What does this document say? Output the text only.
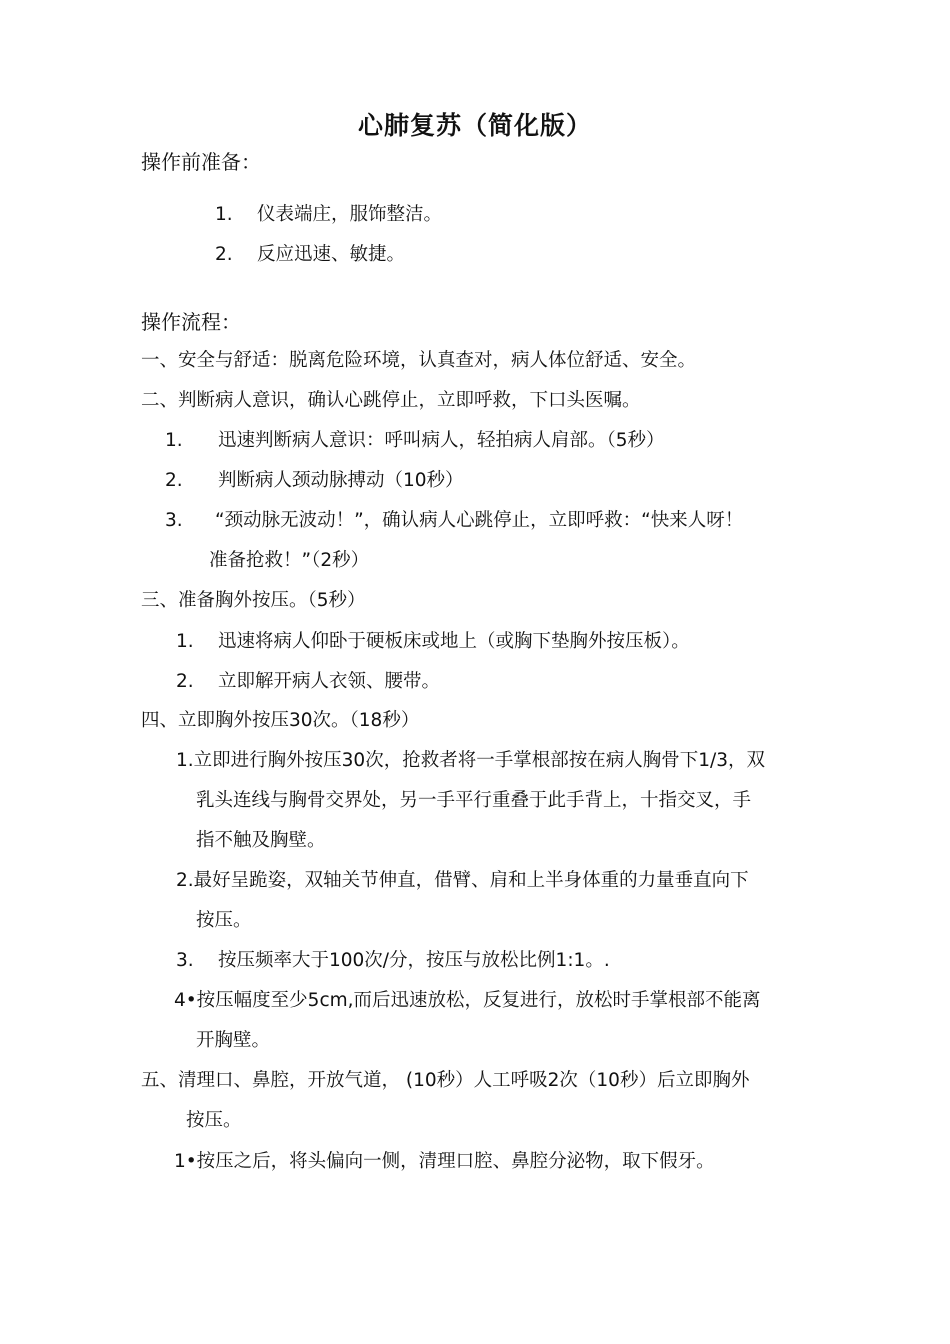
心肺复苏（简化版）
操作前准备：
1. 仪表端庄，服饰整洁。
2. 反应迅速、敏捷。
操作流程：
一、安全与舒适：脱离危险环境，认真查对，病人体位舒适、安全。
二、判断病人意识，确认心跳停止，立即呼救，下口头医嘱。
1. 迅速判断病人意识：呼叫病人，轻拍病人肩部。（5秒）
2. 判断病人颈动脉搏动（10秒）
3. “颈动脉无波动！”，确认病人心跳停止，立即呼救：“快来人呀！
准备抢救！”（2秒）
三、准备胸外按压。（5秒）
1. 迅速将病人仰卧于硬板床或地上（或胸下垫胸外按压板）。
2. 立即解开病人衣领、腰带。
四、立即胸外按压30次。（18秒）
1.立即进行胸外按压30次，抢救者将一手掌根部按在病人胸骨下1/3，双
乳头连线与胸骨交界处，另一手平行重叠于此手背上，十指交叉，手
指不触及胸壁。
2.最好呈跪姿，双轴关节伸直，借臂、肩和上半身体重的力量垂直向下
按压。
3. 按压频率大于100次/分，按压与放松比例1:1。.
4•按压幅度至少5cm,而后迅速放松，反复进行，放松时手掌根部不能离
开胸壁。
五、清理口、鼻腔，开放气道， (10秒）人工呼吸2次（10秒）后立即胸外
按压。
1•按压之后，将头偏向一侧，清理口腔、鼻腔分泌物，取下假牙。
